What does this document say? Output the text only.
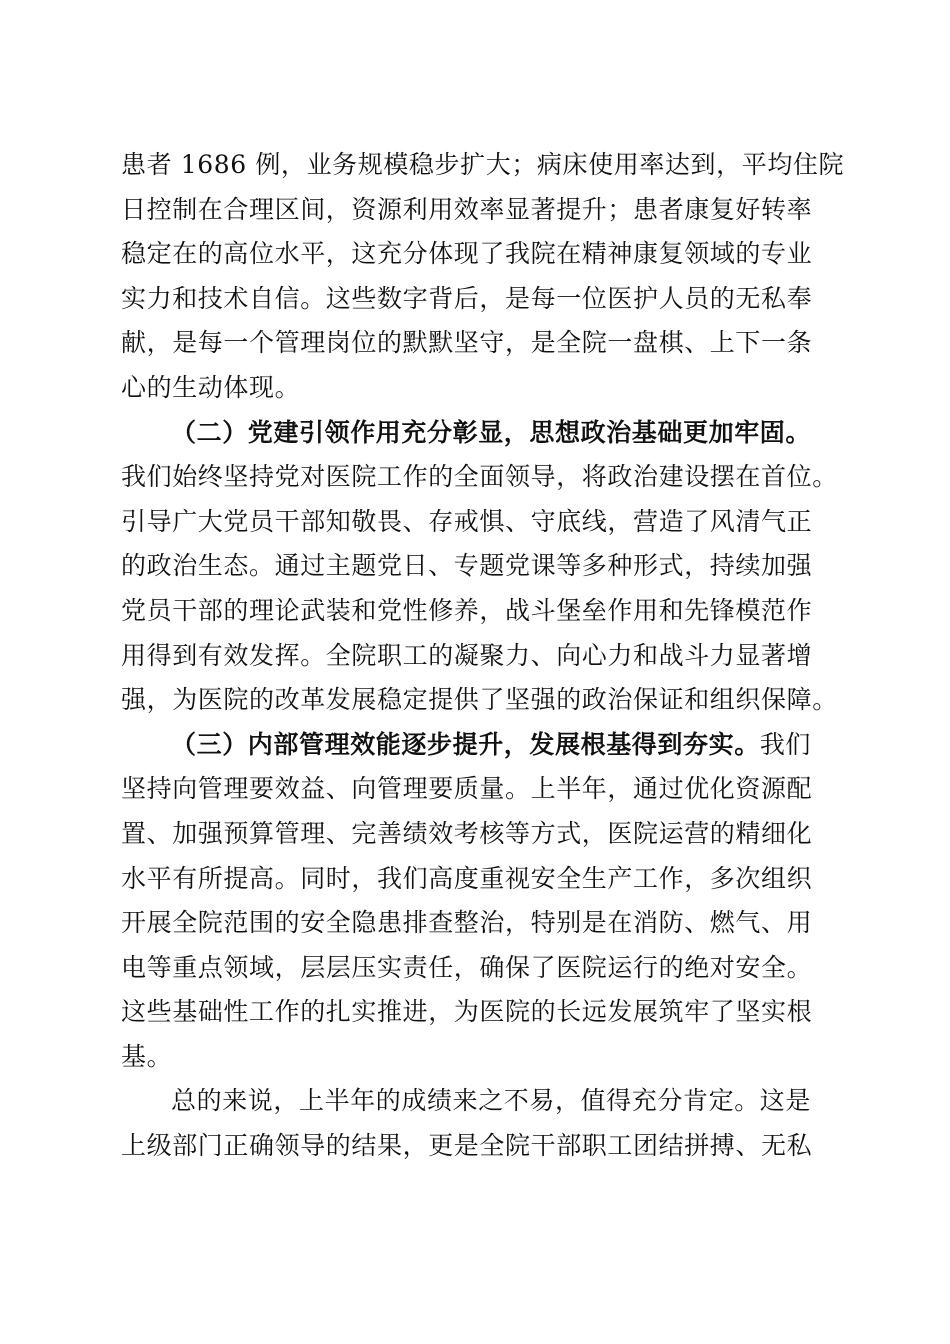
患者 1686 例，业务规模稳步扩大；病床使用率达到，平均住院
日控制在合理区间，资源利用效率显著提升；患者康复好转率
稳定在的高位水平，这充分体现了我院在精神康复领域的专业
实力和技术自信。这些数字背后，是每一位医护人员的无私奉
献，是每一个管理岗位的默默坚守，是全院一盘棋、上下一条
心的生动体现。
（二）党建引领作用充分彰显，思想政治基础更加牢固。
我们始终坚持党对医院工作的全面领导，将政治建设摆在首位。
引导广大党员干部知敬畏、存戒惧、守底线，营造了风清气正
的政治生态。通过主题党日、专题党课等多种形式，持续加强
党员干部的理论武装和党性修养，战斗堡垒作用和先锋模范作
用得到有效发挥。全院职工的凝聚力、向心力和战斗力显著增
强，为医院的改革发展稳定提供了坚强的政治保证和组织保障。
（三）内部管理效能逐步提升，发展根基得到夯实。我们
坚持向管理要效益、向管理要质量。上半年，通过优化资源配
置、加强预算管理、完善绩效考核等方式，医院运营的精细化
水平有所提高。同时，我们高度重视安全生产工作，多次组织
开展全院范围的安全隐患排查整治，特别是在消防、燃气、用
电等重点领域，层层压实责任，确保了医院运行的绝对安全。
这些基础性工作的扎实推进，为医院的长远发展筑牢了坚实根
基。
总的来说，上半年的成绩来之不易，值得充分肯定。这是
上级部门正确领导的结果，更是全院干部职工团结拼搏、无私
